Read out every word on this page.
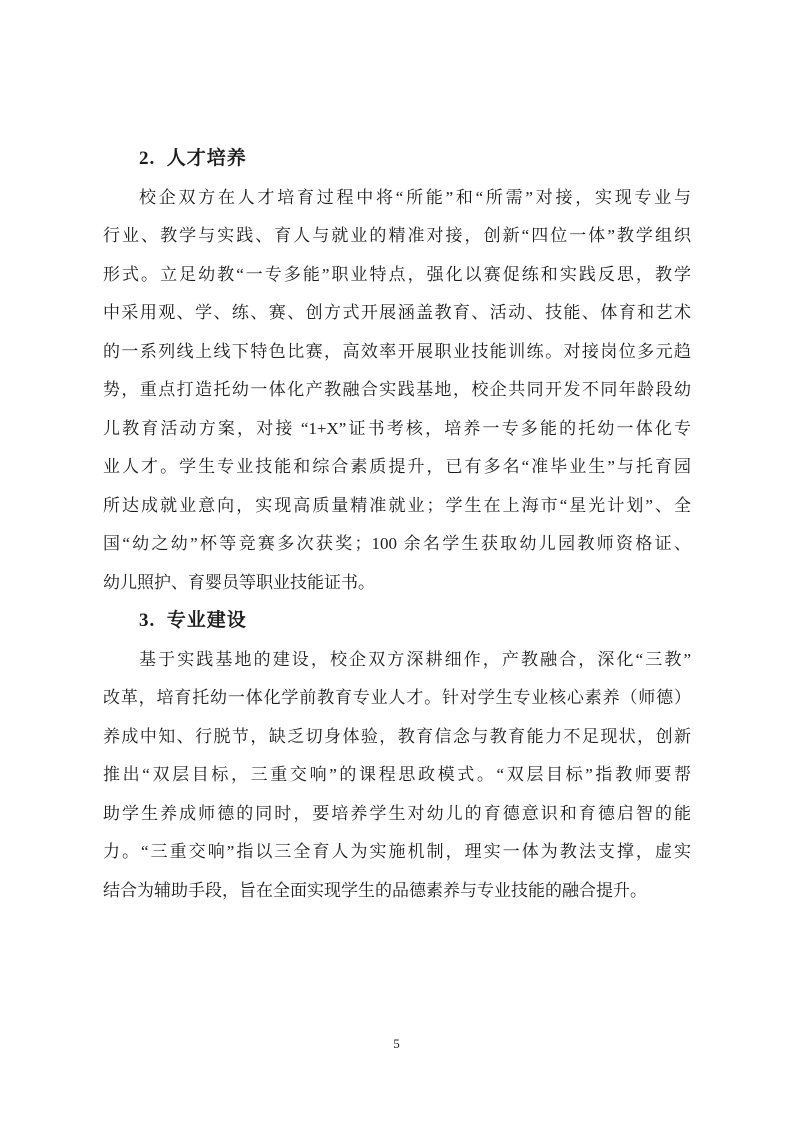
2.  人才培养
校企双方在人才培育过程中将“所能”和“所需”对接，实现专业与
行业、教学与实践、育人与就业的精准对接，创新“四位一体”教学组织
形式。立足幼教“一专多能”职业特点，强化以赛促练和实践反思，教学
中采用观、学、练、赛、创方式开展涵盖教育、活动、技能、体育和艺术
的一系列线上线下特色比赛，高效率开展职业技能训练。对接岗位多元趋
势，重点打造托幼一体化产教融合实践基地，校企共同开发不同年龄段幼
儿教育活动方案，对接 “1+X”证书考核，培养一专多能的托幼一体化专
业人才。学生专业技能和综合素质提升，已有多名“准毕业生”与托育园
所达成就业意向，实现高质量精准就业；学生在上海市“星光计划”、全
国“幼之幼”杯等竞赛多次获奖；100 余名学生获取幼儿园教师资格证、
幼儿照护、育婴员等职业技能证书。
3.  专业建设
基于实践基地的建设，校企双方深耕细作，产教融合，深化“三教”
改革，培育托幼一体化学前教育专业人才。针对学生专业核心素养（师德）
养成中知、行脱节，缺乏切身体验，教育信念与教育能力不足现状，创新
推出“双层目标，三重交响”的课程思政模式。“双层目标”指教师要帮
助学生养成师德的同时，要培养学生对幼儿的育德意识和育德启智的能
力。“三重交响”指以三全育人为实施机制，理实一体为教法支撑，虚实
结合为辅助手段，旨在全面实现学生的品德素养与专业技能的融合提升。
5
